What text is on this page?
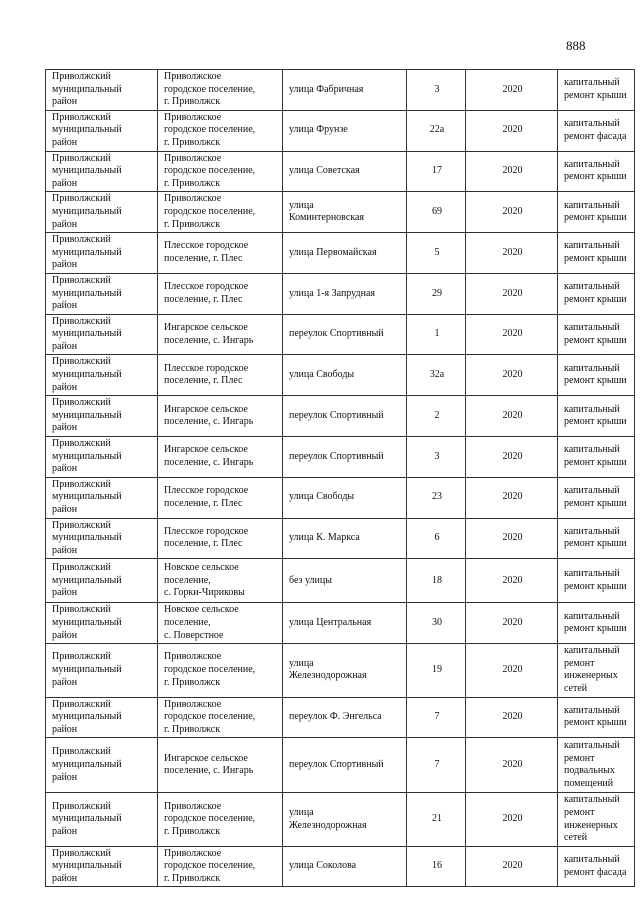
888
Приволжский
муниципальный
район	Приволжское
городское поселение,
г. Приволжск	улица Фабричная	3	2020	капитальный
ремонт крыши

Приволжский
муниципальный
район	Приволжское
городское поселение,
г. Приволжск	улица Фрунзе	22а	2020	капитальный
ремонт фасада

Приволжский
муниципальный
район	Приволжское
городское поселение,
г. Приволжск	улица Советская	17	2020	капитальный
ремонт крыши

Приволжский
муниципальный
район	Приволжское
городское поселение,
г. Приволжск	улица
Коминтерновская	69	2020	капитальный
ремонт крыши

Приволжский
муниципальный
район	Плесское городское
поселение, г. Плес	улица Первомайская	5	2020	капитальный
ремонт крыши

Приволжский
муниципальный
район	Плесское городское
поселение, г. Плес	улица 1-я Запрудная	29	2020	капитальный
ремонт крыши

Приволжский
муниципальный
район	Ингарское сельское
поселение, с. Ингарь	переулок Спортивный	1	2020	капитальный
ремонт крыши

Приволжский
муниципальный
район	Плесское городское
поселение, г. Плес	улица Свободы	32а	2020	капитальный
ремонт крыши

Приволжский
муниципальный
район	Ингарское сельское
поселение, с. Ингарь	переулок Спортивный	2	2020	капитальный
ремонт крыши

Приволжский
муниципальный
район	Ингарское сельское
поселение, с. Ингарь	переулок Спортивный	3	2020	капитальный
ремонт крыши

Приволжский
муниципальный
район	Плесское городское
поселение, г. Плес	улица Свободы	23	2020	капитальный
ремонт крыши

Приволжский
муниципальный
район	Плесское городское
поселение, г. Плес	улица К. Маркса	6	2020	капитальный
ремонт крыши

Приволжский
муниципальный
район	Новское сельское
поселение,
с. Горки-Чириковы	без улицы	18	2020	капитальный
ремонт крыши

Приволжский
муниципальный
район	Новское сельское
поселение,
с. Поверстное	улица Центральная	30	2020	капитальный
ремонт крыши

Приволжский
муниципальный
район	Приволжское
городское поселение,
г. Приволжск	улица
Железнодорожная	19	2020	капитальный
ремонт
инженерных
сетей

Приволжский
муниципальный
район	Приволжское
городское поселение,
г. Приволжск	переулок Ф. Энгельса	7	2020	капитальный
ремонт крыши

Приволжский
муниципальный
район	Ингарское сельское
поселение, с. Ингарь	переулок Спортивный	7	2020	капитальный
ремонт
подвальных
помещений

Приволжский
муниципальный
район	Приволжское
городское поселение,
г. Приволжск	улица
Железнодорожная	21	2020	капитальный
ремонт
инженерных
сетей

Приволжский
муниципальный
район	Приволжское
городское поселение,
г. Приволжск	улица Соколова	16	2020	капитальный
ремонт фасада
